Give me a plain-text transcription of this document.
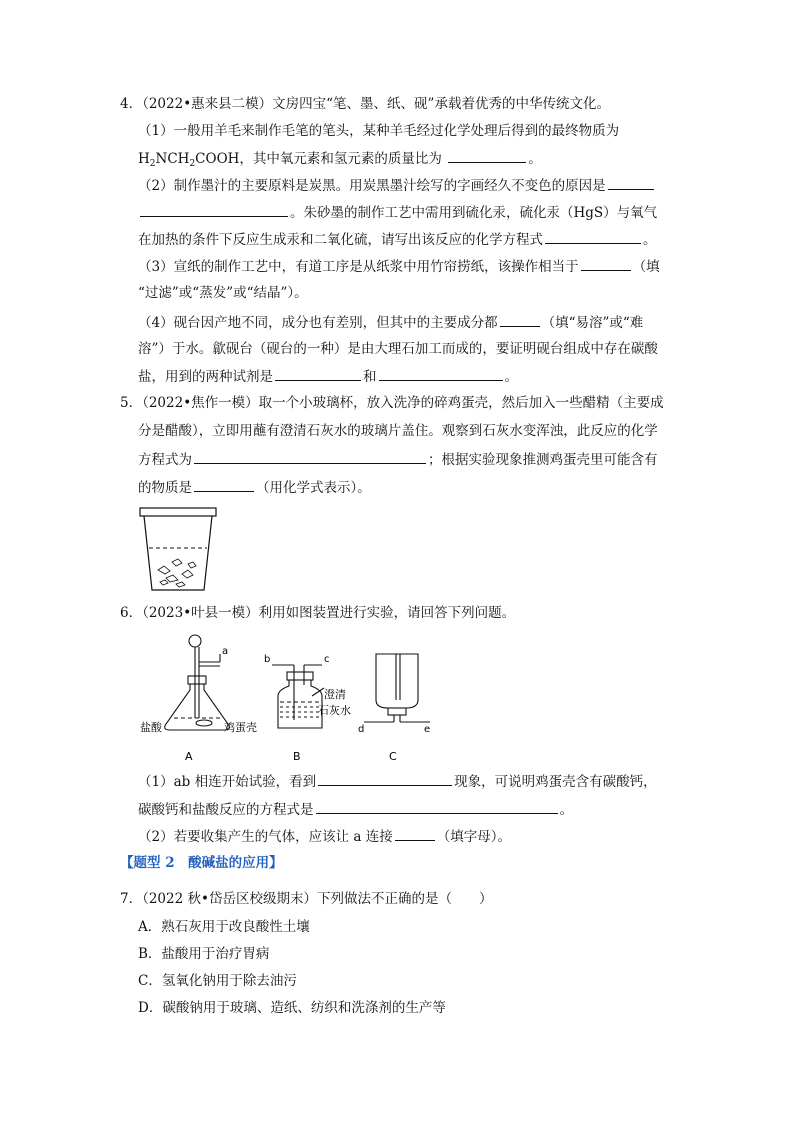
4．（2022•惠来县二模）文房四宝“笔、墨、纸、砚”承载着优秀的中华传统文化。
（1）一般用羊毛来制作毛笔的笔头，某种羊毛经过化学处理后得到的最终物质为
$H_2NCH_2COOH$，其中氧元素和氢元素的质量比为	。
（2）制作墨汁的主要原料是炭黑。用炭黑墨汁绘写的字画经久不变色的原因是
。朱砂墨的制作工艺中需用到硫化汞，硫化汞（HgS）与氧气
在加热的条件下反应生成汞和二氧化硫，请写出该反应的化学方程式	。
（3）宣纸的制作工艺中，有道工序是从纸浆中用竹帘捞纸，该操作相当于	（填
“过滤”或“蒸发”或“结晶”）。
（4）砚台因产地不同，成分也有差别，但其中的主要成分都	（填“易溶”或“难
溶”）于水。歙砚台（砚台的一种）是由大理石加工而成的，要证明砚台组成中存在碳酸
盐，用到的两种试剂是	和	。
5．（2022•焦作一模）取一个小玻璃杯，放入洗净的碎鸡蛋壳，然后加入一些醋精（主要成
分是醋酸），立即用蘸有澄清石灰水的玻璃片盖住。观察到石灰水变浑浊，此反应的化学
方程式为	；根据实验现象推测鸡蛋壳里可能含有
的物质是	（用化学式表示）。
6．（2023•叶县一模）利用如图装置进行实验，请回答下列问题。
a
b	c
d	e
盐酸	鸡蛋壳
澄清
石灰水
A	B	C
（1）ab 相连开始试验，看到	现象，可说明鸡蛋壳含有碳酸钙，
碳酸钙和盐酸反应的方程式是	。
（2）若要收集产生的气体，应该让 a 连接	（填字母）。
【题型 2　酸碱盐的应用】
7．（2022 秋•岱岳区校级期末）下列做法不正确的是（　　）
A．熟石灰用于改良酸性土壤
B．盐酸用于治疗胃病
C．氢氧化钠用于除去油污
D．碳酸钠用于玻璃、造纸、纺织和洗涤剂的生产等
